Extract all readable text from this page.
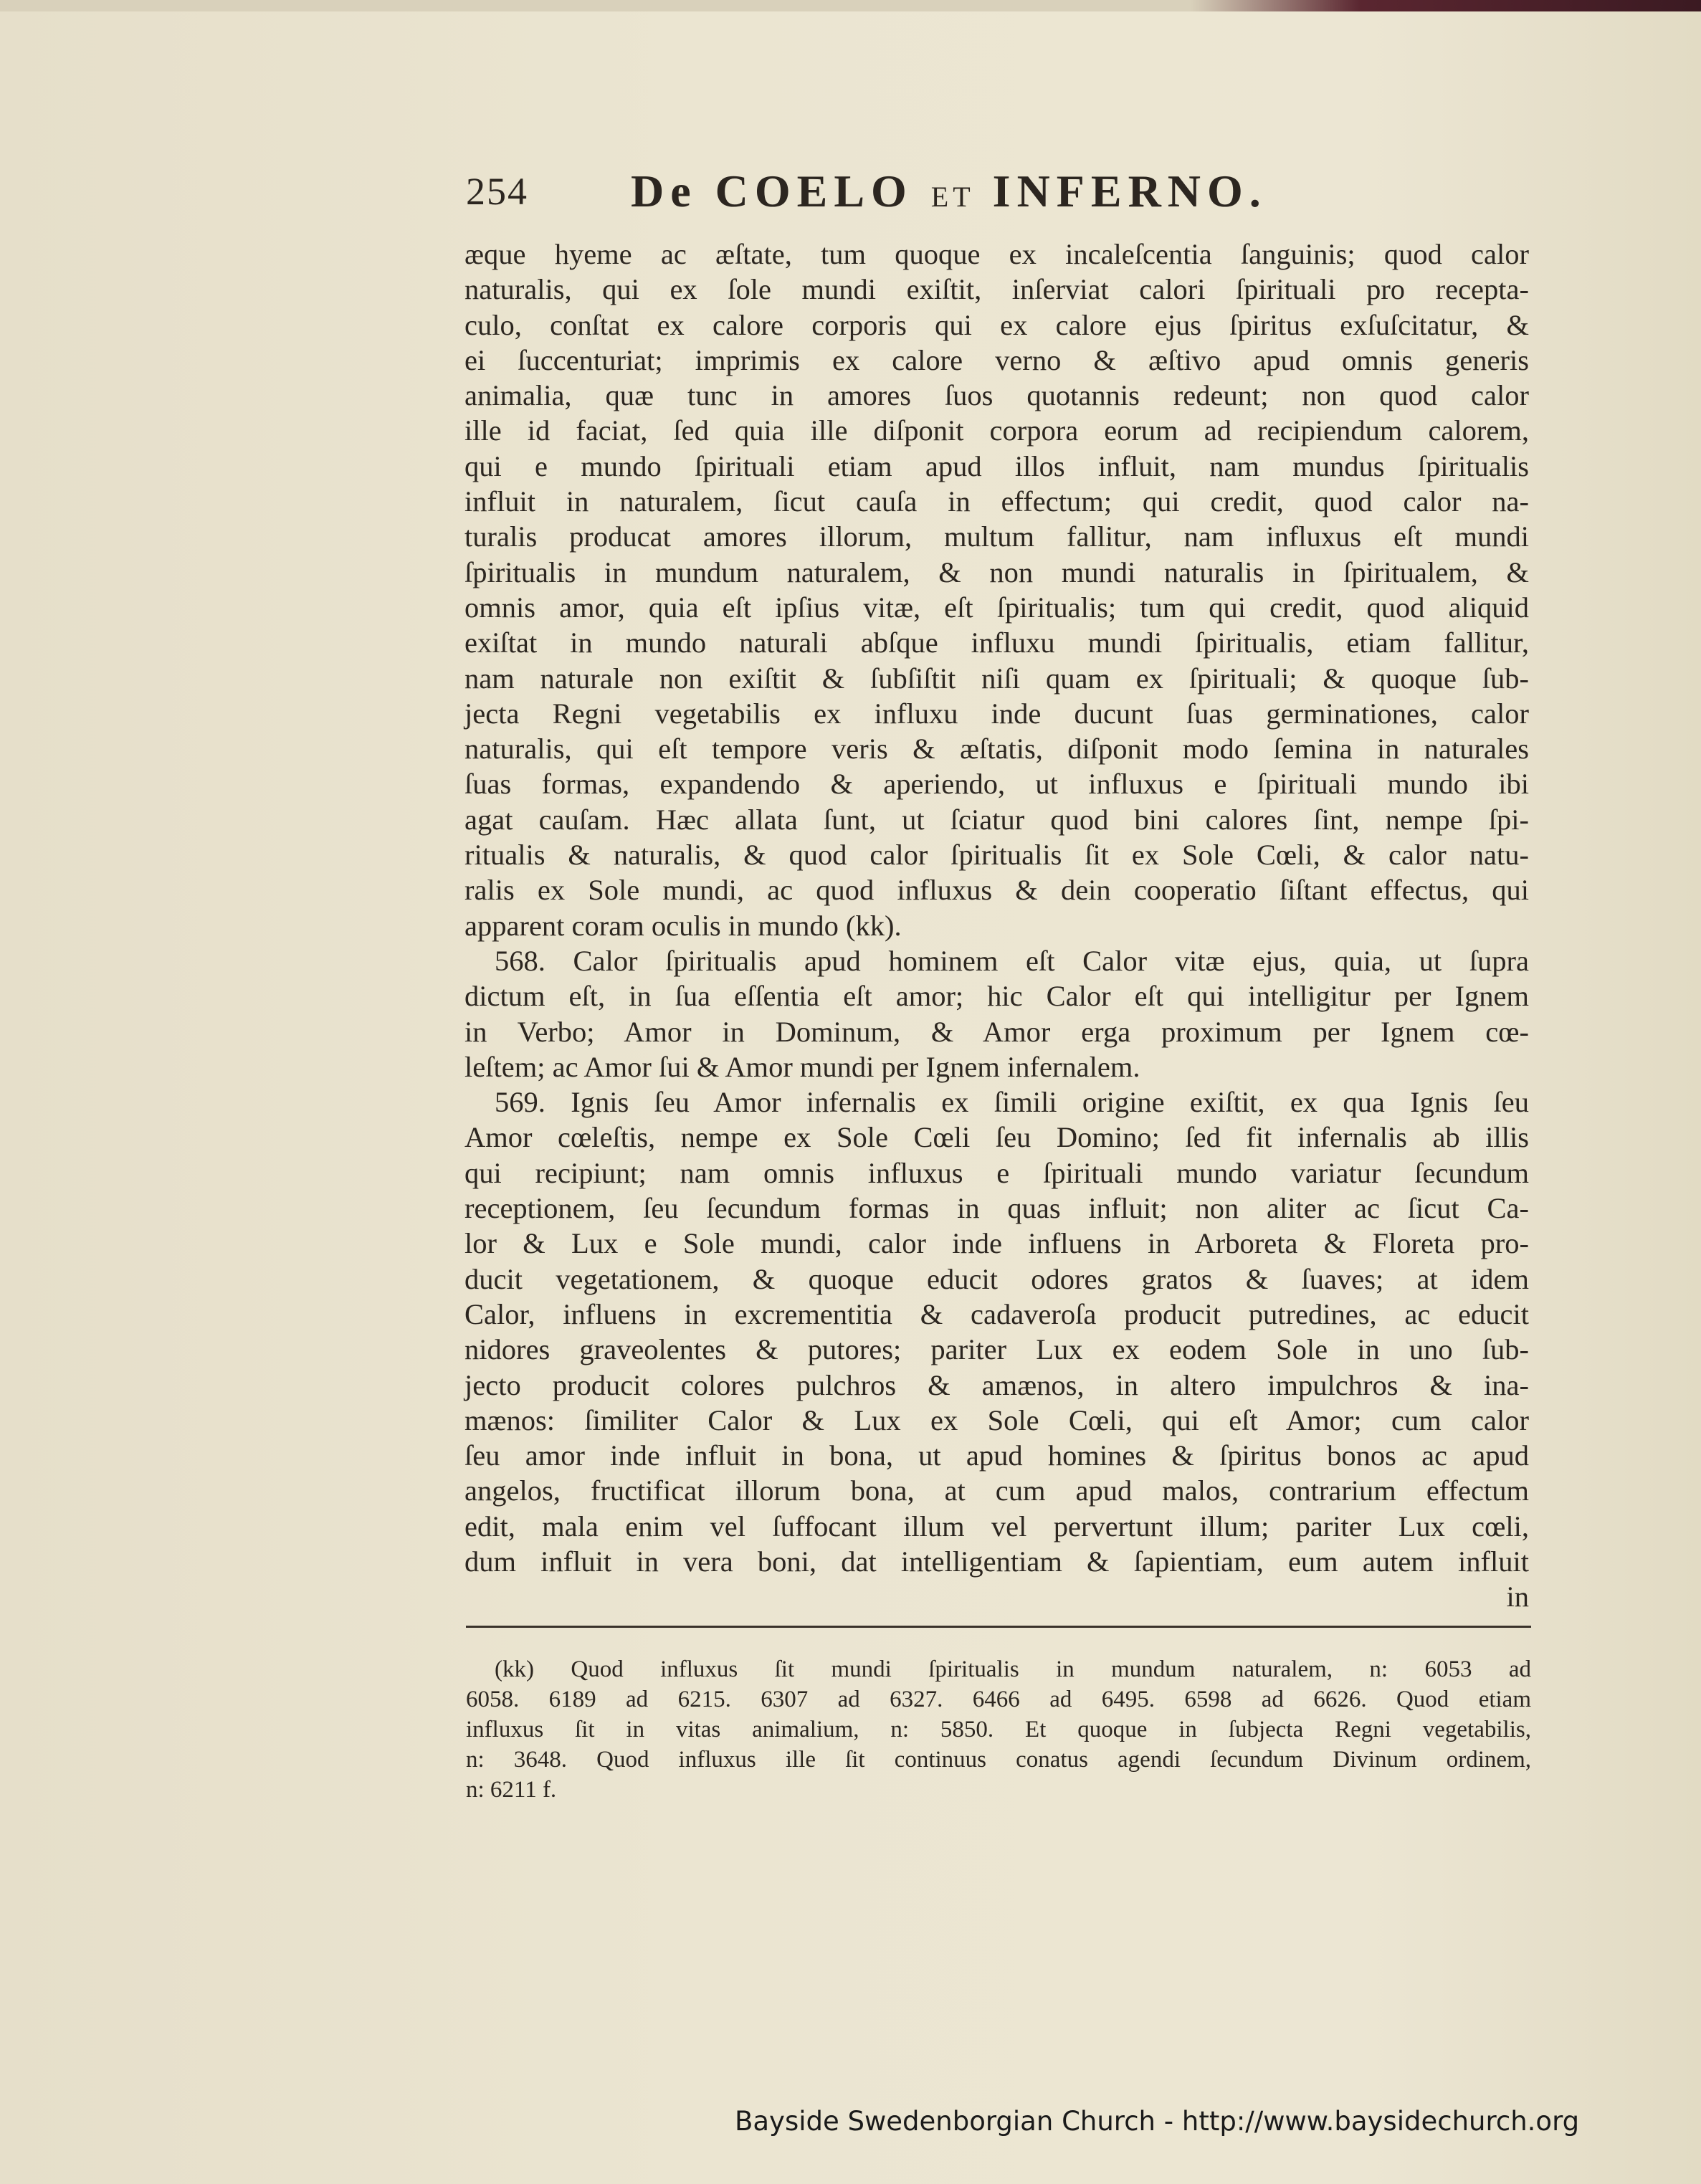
254 De COELO ET INFERNO.
æque hyeme ac æſtate, tum quoque ex incaleſcentia ſanguinis; quod calor
naturalis, qui ex ſole mundi exiſtit, inſerviat calori ſpirituali pro recepta-
culo, conſtat ex calore corporis qui ex calore ejus ſpiritus exſuſcitatur, &
ei ſuccenturiat; imprimis ex calore verno & æſtivo apud omnis generis
animalia, quæ tunc in amores ſuos quotannis redeunt; non quod calor
ille id faciat, ſed quia ille diſponit corpora eorum ad recipiendum calorem,
qui e mundo ſpirituali etiam apud illos influit, nam mundus ſpiritualis
influit in naturalem, ſicut cauſa in effectum; qui credit, quod calor na-
turalis producat amores illorum, multum fallitur, nam influxus eſt mundi
ſpiritualis in mundum naturalem, & non mundi naturalis in ſpiritualem, &
omnis amor, quia eſt ipſius vitæ, eſt ſpiritualis; tum qui credit, quod aliquid
exiſtat in mundo naturali abſque influxu mundi ſpiritualis, etiam fallitur,
nam naturale non exiſtit & ſubſiſtit niſi quam ex ſpirituali; & quoque ſub-
jecta Regni vegetabilis ex influxu inde ducunt ſuas germinationes, calor
naturalis, qui eſt tempore veris & æſtatis, diſponit modo ſemina in naturales
ſuas formas, expandendo & aperiendo, ut influxus e ſpirituali mundo ibi
agat cauſam. Hæc allata ſunt, ut ſciatur quod bini calores ſint, nempe ſpi-
ritualis & naturalis, & quod calor ſpiritualis ſit ex Sole Cœli, & calor natu-
ralis ex Sole mundi, ac quod influxus & dein cooperatio ſiſtant effectus, qui
apparent coram oculis in mundo (kk).
568. Calor ſpiritualis apud hominem eſt Calor vitæ ejus, quia, ut ſupra
dictum eſt, in ſua eſſentia eſt amor; hic Calor eſt qui intelligitur per Ignem
in Verbo; Amor in Dominum, & Amor erga proximum per Ignem cœ-
leſtem; ac Amor ſui & Amor mundi per Ignem infernalem.
569. Ignis ſeu Amor infernalis ex ſimili origine exiſtit, ex qua Ignis ſeu
Amor cœleſtis, nempe ex Sole Cœli ſeu Domino; ſed fit infernalis ab illis
qui recipiunt; nam omnis influxus e ſpirituali mundo variatur ſecundum
receptionem, ſeu ſecundum formas in quas influit; non aliter ac ſicut Ca-
lor & Lux e Sole mundi, calor inde influens in Arboreta & Floreta pro-
ducit vegetationem, & quoque educit odores gratos & ſuaves; at idem
Calor, influens in excrementitia & cadaveroſa producit putredines, ac educit
nidores graveolentes & putores; pariter Lux ex eodem Sole in uno ſub-
jecto producit colores pulchros & amænos, in altero impulchros & ina-
mænos: ſimiliter Calor & Lux ex Sole Cœli, qui eſt Amor; cum calor
ſeu amor inde influit in bona, ut apud homines & ſpiritus bonos ac apud
angelos, fructificat illorum bona, at cum apud malos, contrarium effectum
edit, mala enim vel ſuffocant illum vel pervertunt illum; pariter Lux cœli,
dum influit in vera boni, dat intelligentiam & ſapientiam, eum autem influit
in
(kk) Quod influxus ſit mundi ſpiritualis in mundum naturalem, n: 6053 ad
6058. 6189 ad 6215. 6307 ad 6327. 6466 ad 6495. 6598 ad 6626. Quod etiam
influxus ſit in vitas animalium, n: 5850. Et quoque in ſubjecta Regni vegetabilis,
n: 3648. Quod influxus ille ſit continuus conatus agendi ſecundum Divinum ordinem,
n: 6211 f.
Bayside Swedenborgian Church - http://www.baysidechurch.org
